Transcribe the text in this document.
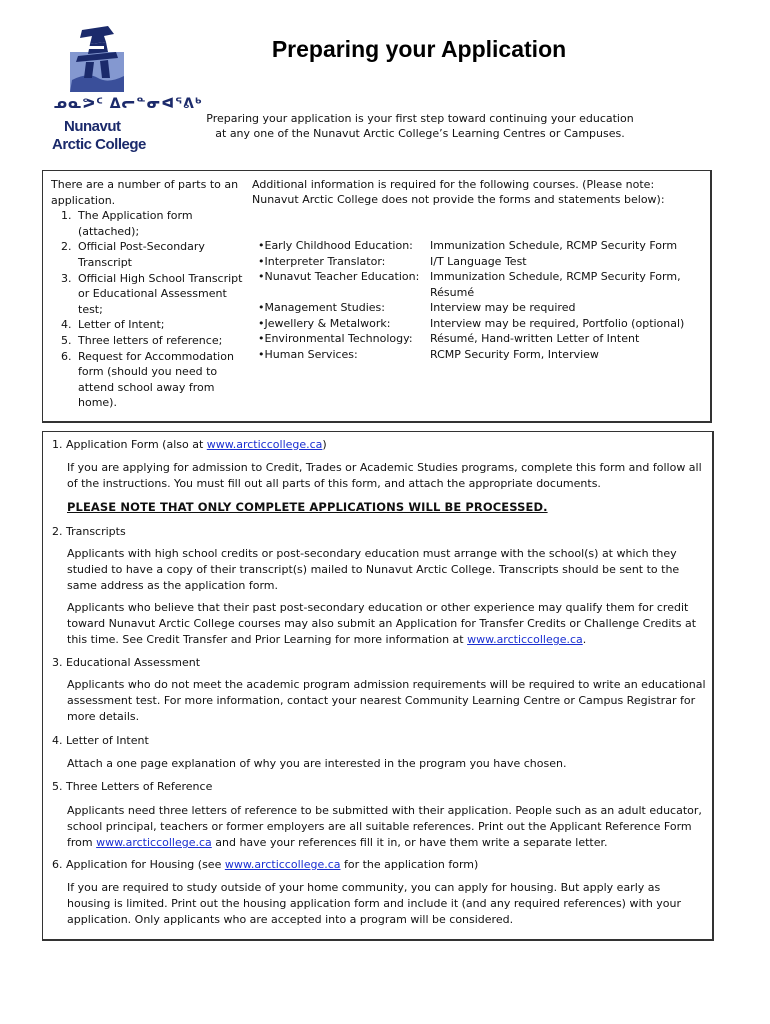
ᓄᓇᕗᑦ ᐃᓕᓐᓂᐊᕐᕕᒃ
Nunavut
Arctic College
Preparing your Application
Preparing your application is your first step toward continuing your education
at any one of the Nunavut Arctic College’s Learning Centres or Campuses.

There are a number of parts to an application.

1. The Application form (attached);
2. Official Post-Secondary Transcript
3. Official High School Transcript or Educational Assessment test;
4. Letter of Intent;
5. Three letters of reference;
6. Request for Accommodation form (should you need to attend school away from home).
Additional information is required for the following courses. (Please note: Nunavut Arctic College does not provide the forms and statements below):
•Early Childhood Education:	Immunization Schedule, RCMP Security Form
•Interpreter Translator:	I/T Language Test
•Nunavut Teacher Education: Immunization Schedule, RCMP Security Form, Résumé
•Management Studies:	Interview may be required
•Jewellery & Metalwork:	Interview may be required, Portfolio (optional)
•Environmental Technology:	Résumé, Hand-written Letter of Intent
•Human Services:	RCMP Security Form, Interview
1. Application Form (also at www.arcticcollege.ca)
If you are applying for admission to Credit, Trades or Academic Studies programs, complete this form and follow all of the instructions. You must fill out all parts of this form, and attach the appropriate documents.
PLEASE NOTE THAT ONLY COMPLETE APPLICATIONS WILL BE PROCESSED.
2. Transcripts
Applicants with high school credits or post-secondary education must arrange with the school(s) at which they studied to have a copy of their transcript(s) mailed to Nunavut Arctic College. Transcripts should be sent to the same address as the application form.
Applicants who believe that their past post-secondary education or other experience may qualify them for credit toward Nunavut Arctic College courses may also submit an Application for Transfer Credits or Challenge Credits at this time. See Credit Transfer and Prior Learning for more information at www.arcticcollege.ca.
3. Educational Assessment
Applicants who do not meet the academic program admission requirements will be required to write an educational assessment test. For more information, contact your nearest Community Learning Centre or Campus Registrar for more details.
4. Letter of Intent
Attach a one page explanation of why you are interested in the program you have chosen.
5. Three Letters of Reference
Applicants need three letters of reference to be submitted with their application. People such as an adult educator, school principal, teachers or former employers are all suitable references. Print out the Applicant Reference Form from www.arcticcollege.ca and have your references fill it in, or have them write a separate letter.
6. Application for Housing (see www.arcticcollege.ca for the application form)
If you are required to study outside of your home community, you can apply for housing. But apply early as housing is limited. Print out the housing application form and include it (and any required references) with your application. Only applicants who are accepted into a program will be considered.
